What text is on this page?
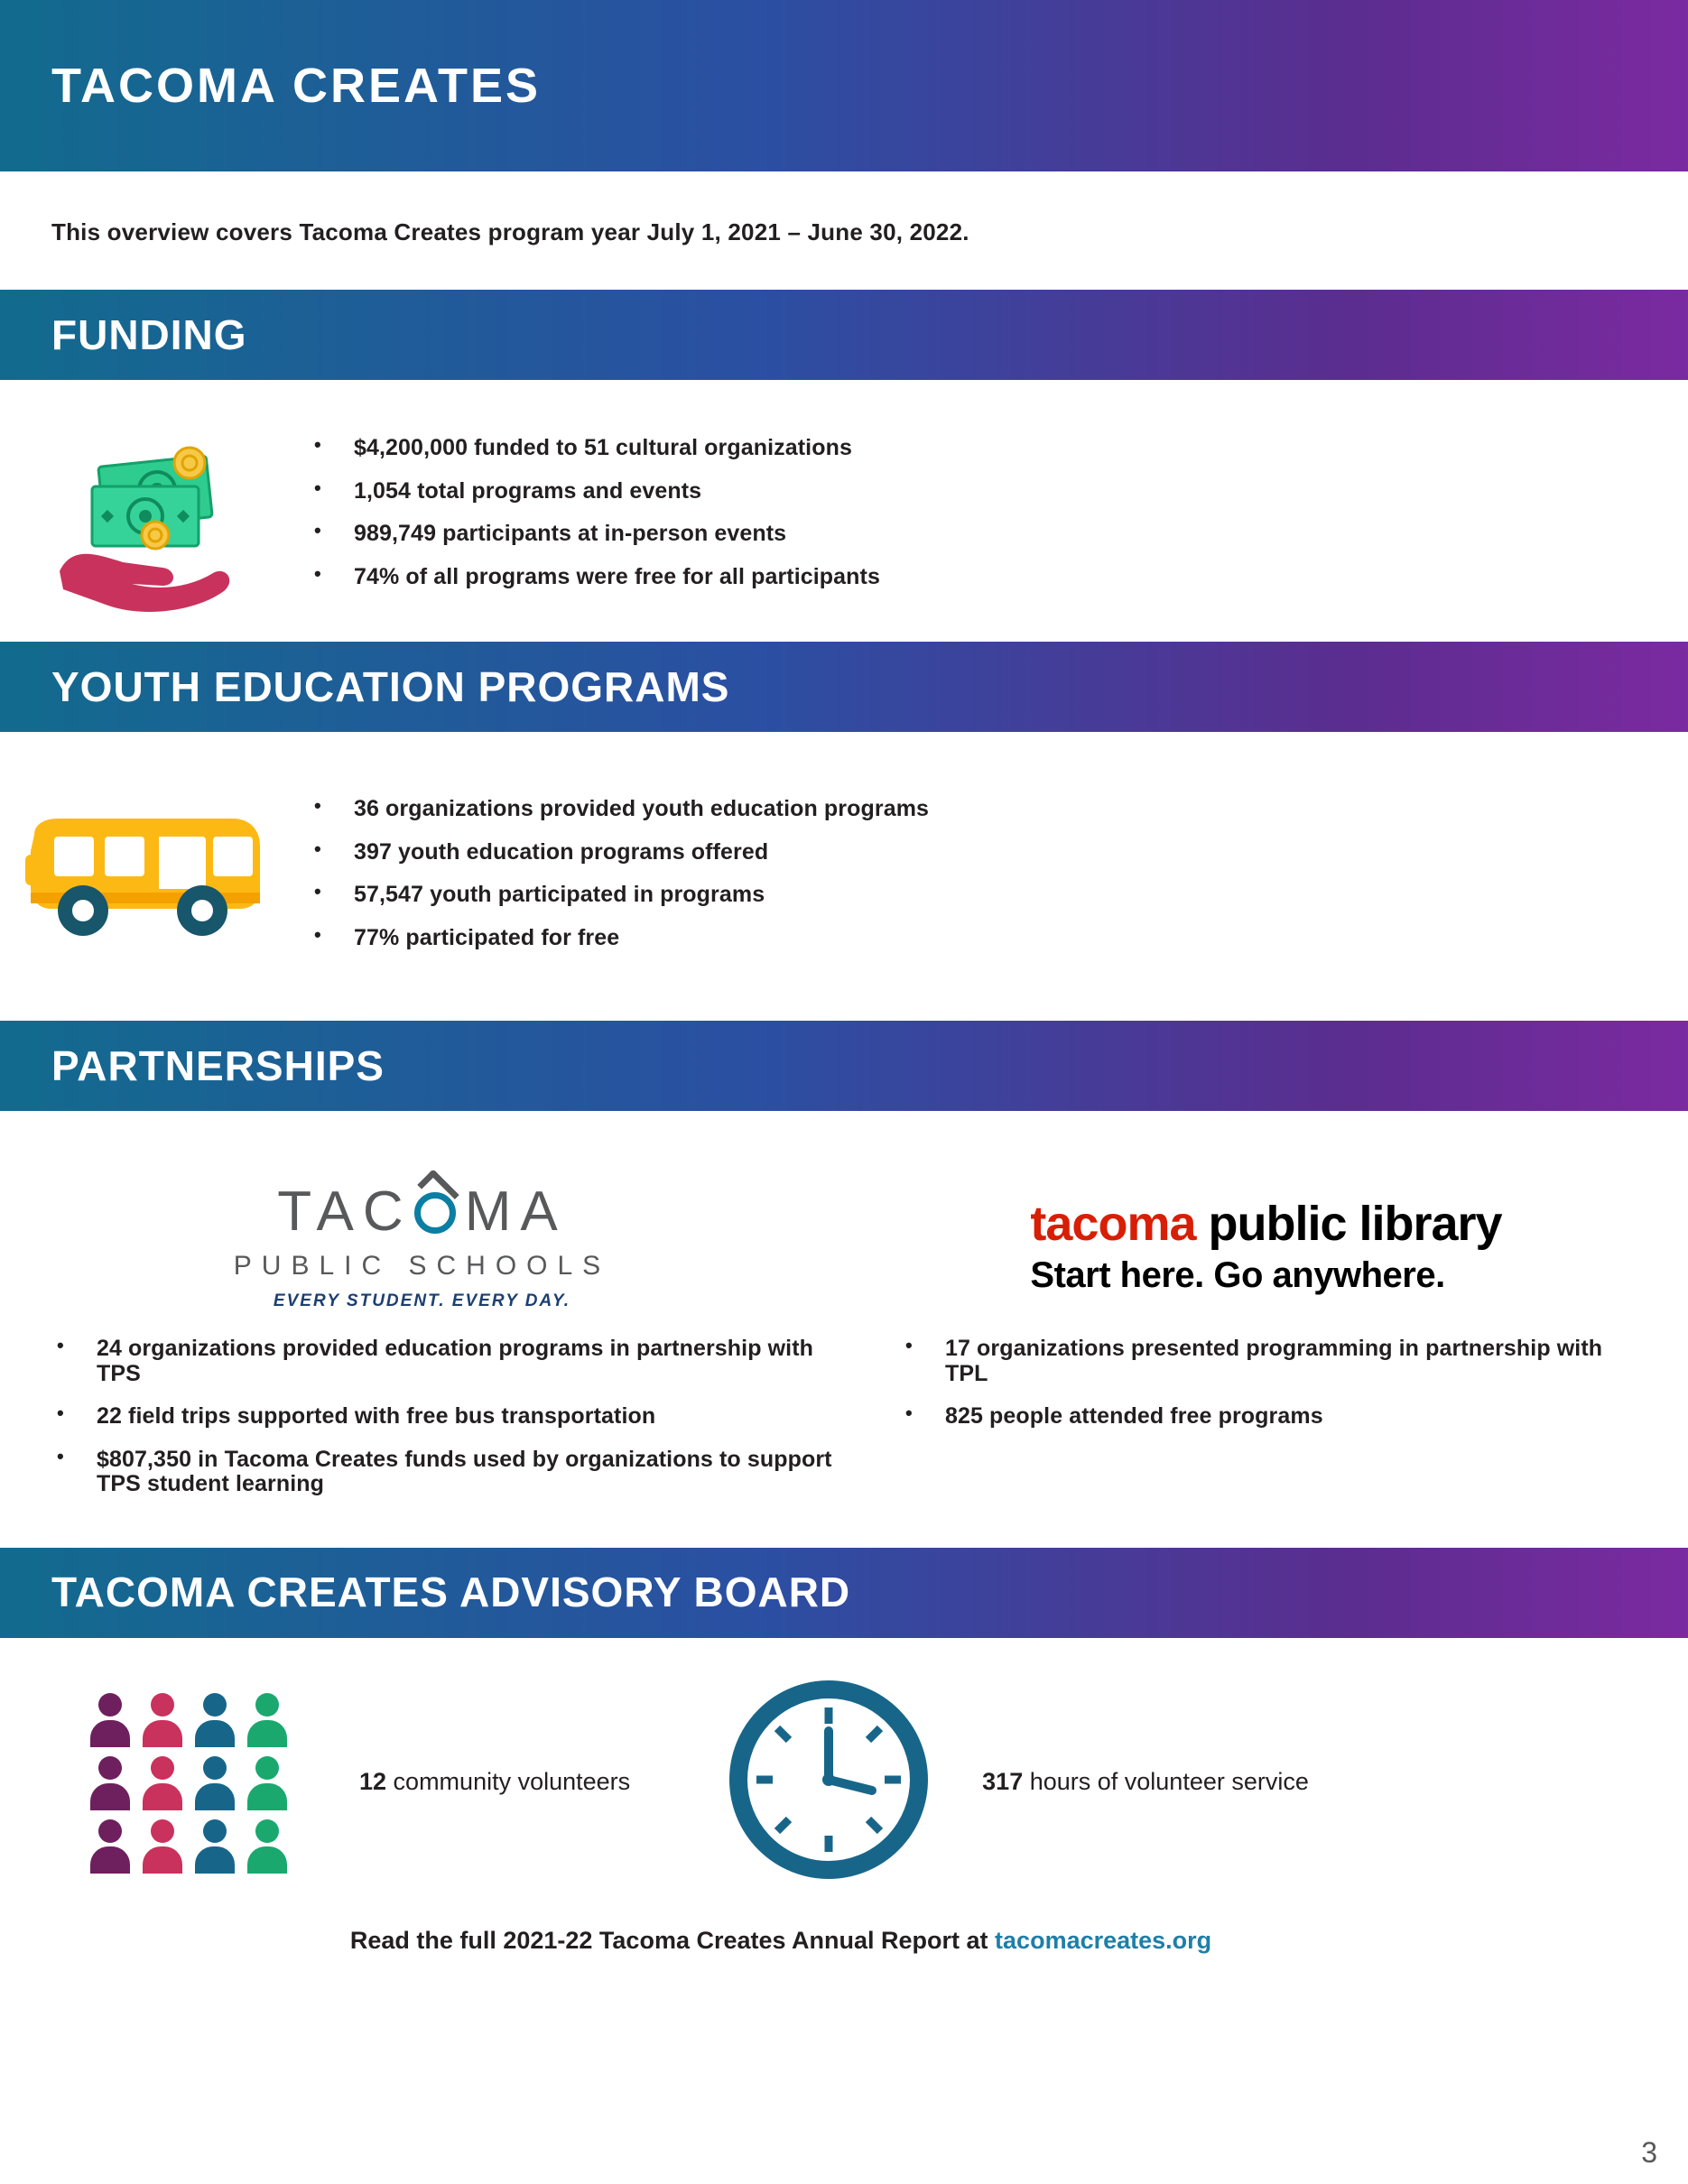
TACOMA CREATES
This overview covers Tacoma Creates program year July 1, 2021 – June 30, 2022.
FUNDING
• $4,200,000 funded to 51 cultural organizations
• 1,054 total programs and events
• 989,749 participants at in-person events
• 74% of all programs were free for all participants
YOUTH EDUCATION PROGRAMS
• 36 organizations provided youth education programs
• 397 youth education programs offered
• 57,547 youth participated in programs
• 77% participated for free
PARTNERSHIPS
TAC MA
PUBLIC SCHOOLS
EVERY STUDENT. EVERY DAY.
tacoma public library
Start here. Go anywhere.
• 24 organizations provided education programs in partnership with TPS
• 22 field trips supported with free bus transportation
• $807,350 in Tacoma Creates funds used by organizations to support TPS student learning
• 17 organizations presented programming in partnership with TPL
• 825 people attended free programs
TACOMA CREATES ADVISORY BOARD
12 community volunteers	317 hours of volunteer service
Read the full 2021-22 Tacoma Creates Annual Report at tacomacreates.org
3
